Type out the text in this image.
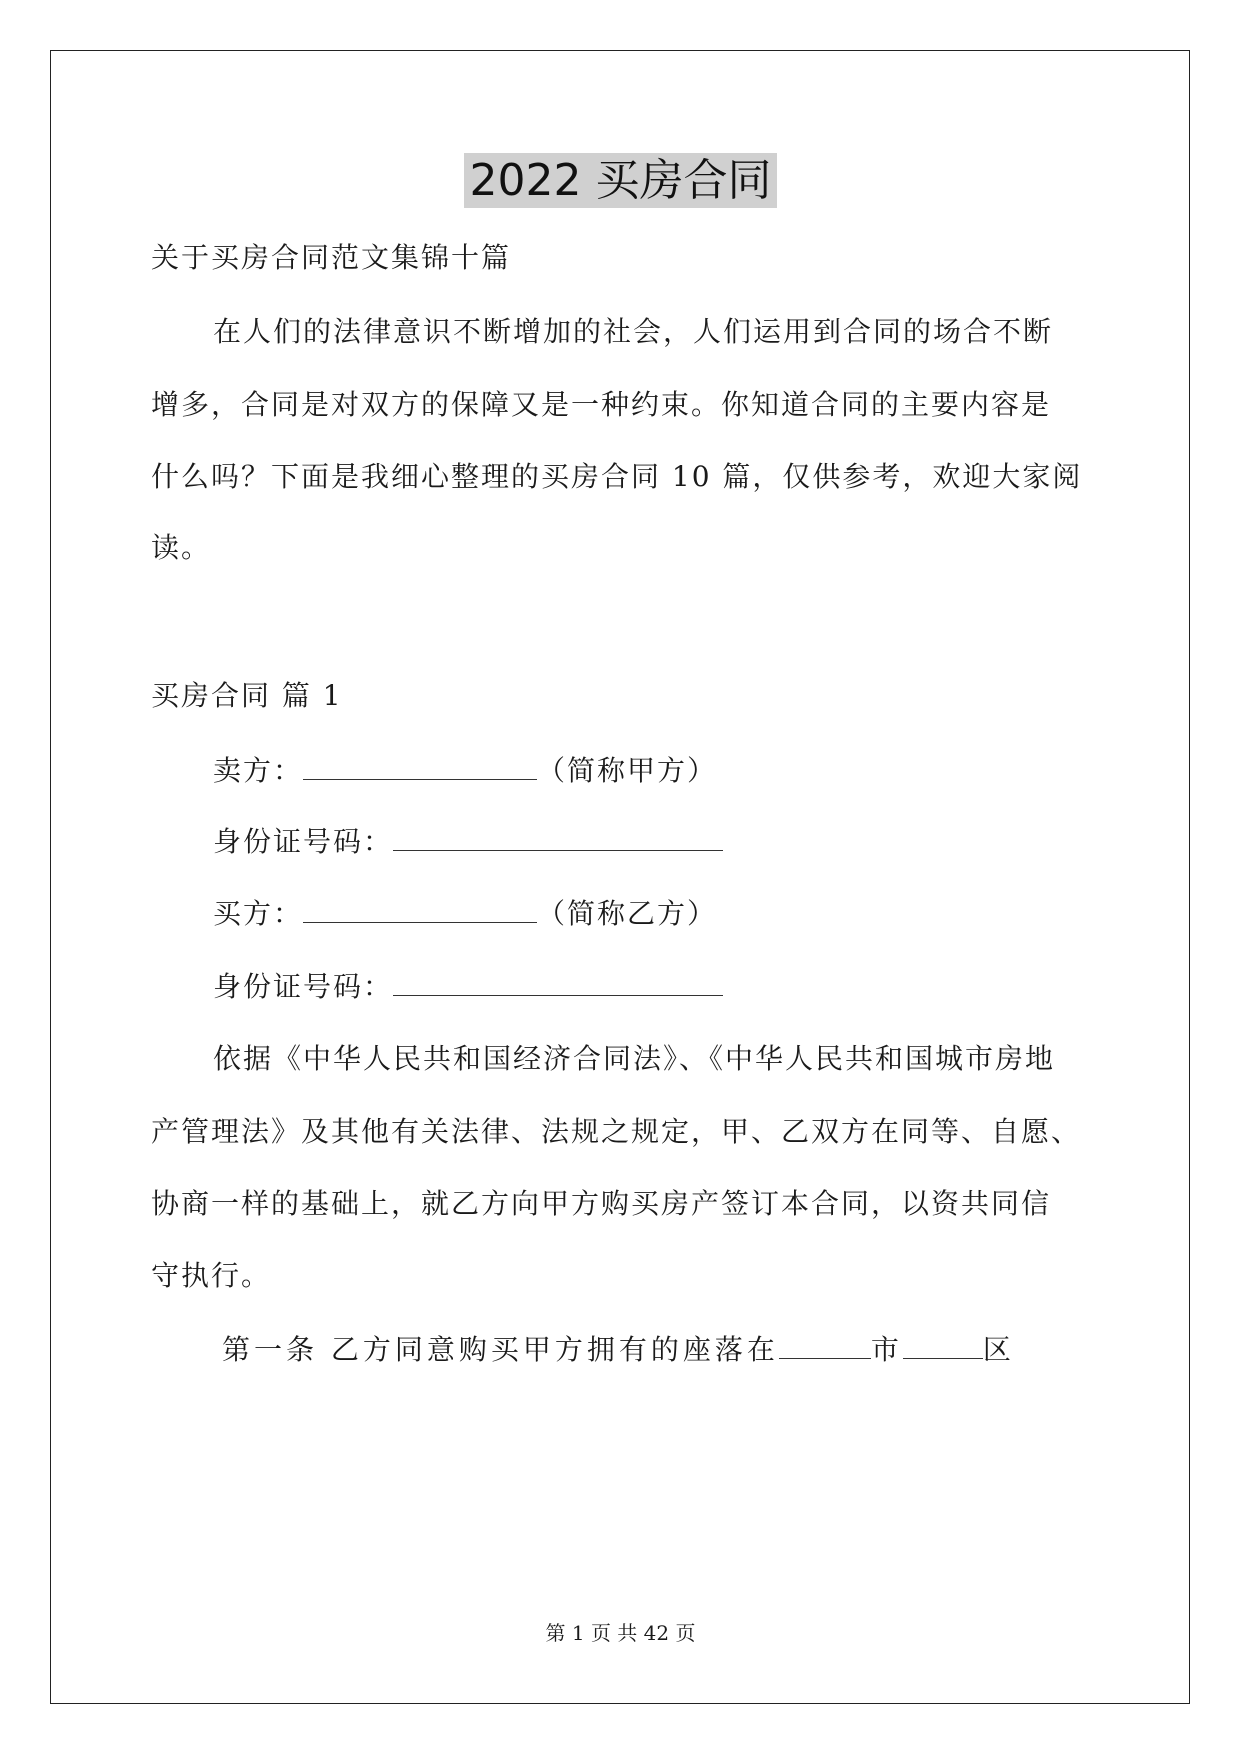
2022 买房合同
关于买房合同范文集锦十篇
在人们的法律意识不断增加的社会，人们运用到合同的场合不断
增多，合同是对双方的保障又是一种约束。你知道合同的主要内容是
什么吗？下面是我细心整理的买房合同 10 篇，仅供参考，欢迎大家阅
读。
买房合同 篇 1
卖方：	（简称甲方）
身份证号码：
买方：	（简称乙方）
身份证号码：
依据《中华人民共和国经济合同法》、《中华人民共和国城市房地
产管理法》及其他有关法律、法规之规定，甲、乙双方在同等、自愿、
协商一样的基础上，就乙方向甲方购买房产签订本合同，以资共同信
守执行。
第一条 乙方同意购买甲方拥有的座落在	市	区
第 1 页 共 42 页
